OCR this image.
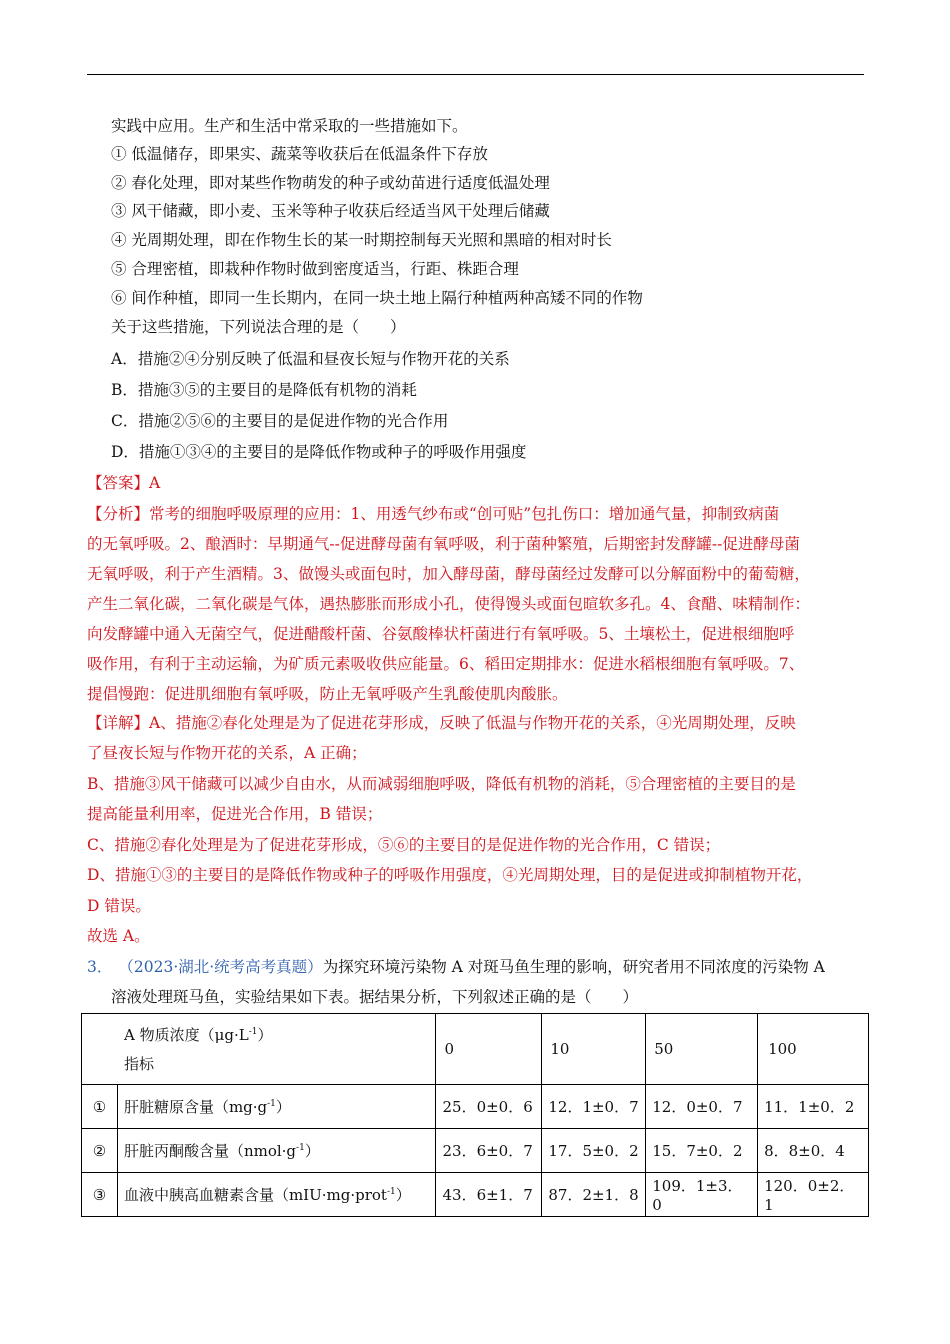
实践中应用。生产和生活中常采取的一些措施如下。
① 低温储存，即果实、蔬菜等收获后在低温条件下存放
② 春化处理，即对某些作物萌发的种子或幼苗进行适度低温处理
③ 风干储藏，即小麦、玉米等种子收获后经适当风干处理后储藏
④ 光周期处理，即在作物生长的某一时期控制每天光照和黑暗的相对时长
⑤ 合理密植，即栽种作物时做到密度适当，行距、株距合理
⑥ 间作种植，即同一生长期内，在同一块土地上隔行种植两种高矮不同的作物
关于这些措施，下列说法合理的是（　　）
A．措施②④分别反映了低温和昼夜长短与作物开花的关系
B．措施③⑤的主要目的是降低有机物的消耗
C．措施②⑤⑥的主要目的是促进作物的光合作用
D．措施①③④的主要目的是降低作物或种子的呼吸作用强度
【答案】A
【分析】常考的细胞呼吸原理的应用：1、用透气纱布或“创可贴”包扎伤口：增加通气量，抑制致病菌
的无氧呼吸。2、酿酒时：早期通气--促进酵母菌有氧呼吸，利于菌种繁殖，后期密封发酵罐--促进酵母菌
无氧呼吸，利于产生酒精。3、做馒头或面包时，加入酵母菌，酵母菌经过发酵可以分解面粉中的葡萄糖，
产生二氧化碳，二氧化碳是气体，遇热膨胀而形成小孔，使得馒头或面包暄软多孔。4、食醋、味精制作：
向发酵罐中通入无菌空气，促进醋酸杆菌、谷氨酸棒状杆菌进行有氧呼吸。5、土壤松土，促进根细胞呼
吸作用，有利于主动运输，为矿质元素吸收供应能量。6、稻田定期排水：促进水稻根细胞有氧呼吸。7、
提倡慢跑：促进肌细胞有氧呼吸，防止无氧呼吸产生乳酸使肌肉酸胀。
【详解】A、措施②春化处理是为了促进花芽形成，反映了低温与作物开花的关系，④光周期处理，反映
了昼夜长短与作物开花的关系，A 正确；
B、措施③风干储藏可以减少自由水，从而减弱细胞呼吸，降低有机物的消耗，⑤合理密植的主要目的是
提高能量利用率，促进光合作用，B 错误；
C、措施②春化处理是为了促进花芽形成，⑤⑥的主要目的是促进作物的光合作用，C 错误；
D、措施①③的主要目的是降低作物或种子的呼吸作用强度，④光周期处理，目的是促进或抑制植物开花，
D 错误。
故选 A。
3． （2023·湖北·统考高考真题）为探究环境污染物 A 对斑马鱼生理的影响，研究者用不同浓度的污染物 A
溶液处理斑马鱼，实验结果如下表。据结果分析，下列叙述正确的是（　　）
A 物质浓度$(\mu g\cdot L^{-1})$
指标		0	10	50	100
①	肝脏糖原含量$(mg\cdot g^{-1})$	25．0±0．6	12．1±0．7	12．0±0．7	11．1±0．2
②	肝脏丙酮酸含量$(nmol\cdot g^{-1})$	23．6±0．7	17．5±0．2	15．7±0．2	8．8±0．4
③	血液中胰高血糖素含量（mIU·mg·prot$^{-1}$）	43．6±1．7	87．2±1．8	109．1±3．0	120．0±2．1
